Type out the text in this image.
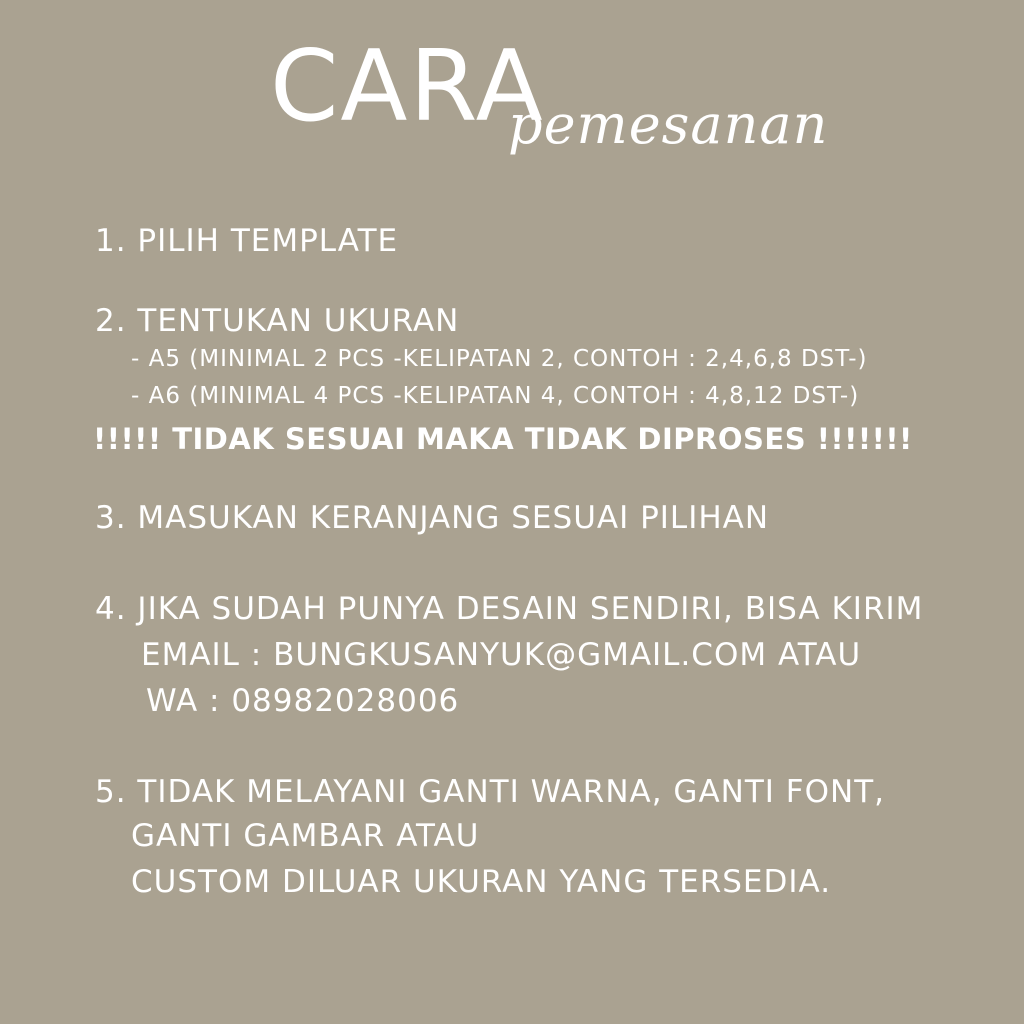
CARA
pemesanan
1. PILIH TEMPLATE
2. TENTUKAN UKURAN
- A5 (MINIMAL 2 PCS -KELIPATAN 2, CONTOH : 2,4,6,8 DST-)
- A6 (MINIMAL 4 PCS -KELIPATAN 4, CONTOH : 4,8,12 DST-)
!!!!! TIDAK SESUAI MAKA TIDAK DIPROSES !!!!!!!
3. MASUKAN KERANJANG SESUAI PILIHAN
4. JIKA SUDAH PUNYA DESAIN SENDIRI, BISA KIRIM
EMAIL : BUNGKUSANYUK@GMAIL.COM ATAU
WA : 08982028006
5. TIDAK MELAYANI GANTI WARNA, GANTI FONT,
GANTI GAMBAR ATAU
CUSTOM DILUAR UKURAN YANG TERSEDIA.
